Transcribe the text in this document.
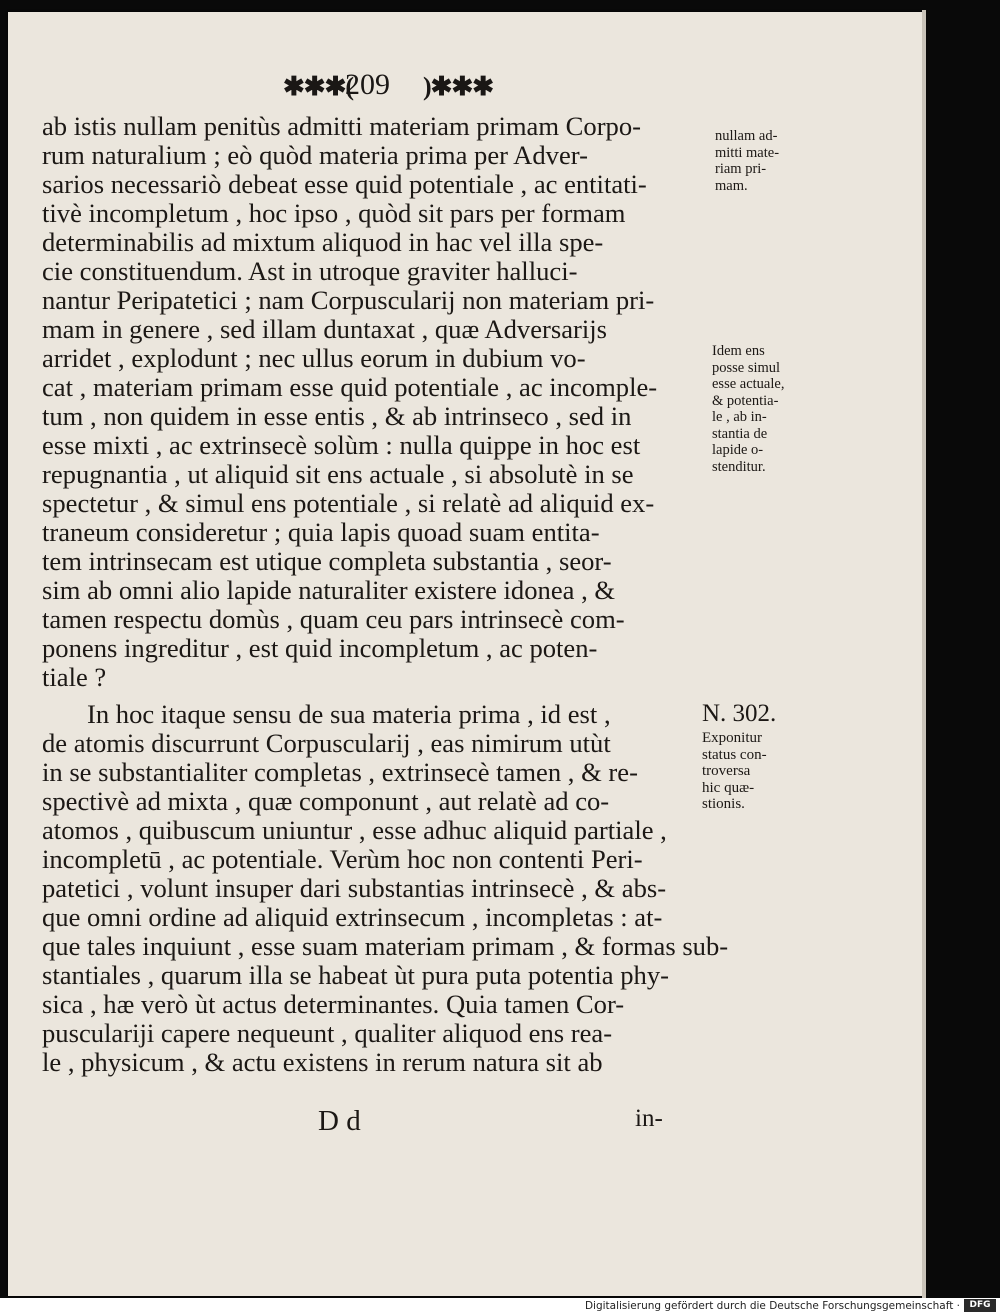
✱✱✱(
209 )✱✱✱

ab istis nullam penitùs admitti materiam primam Corpo-
rum naturalium ; eò quòd materia prima per Adver-
sarios necessariò debeat esse quid potentiale , ac entitati-
tivè incompletum , hoc ipso , quòd sit pars per formam
determinabilis ad mixtum aliquod in hac vel illa spe-
cie constituendum. Ast in utroque graviter halluci-
nantur Peripatetici ; nam Corpuscularij non materiam pri-
mam in genere , sed illam duntaxat , quæ Adversarijs
arridet , explodunt ; nec ullus eorum in dubium vo-
cat , materiam primam esse quid potentiale , ac incomple-
tum , non quidem in esse entis , & ab intrinseco , sed in
esse mixti , ac extrinsecè solùm : nulla quippe in hoc est
repugnantia , ut aliquid sit ens actuale , si absolutè in se
spectetur , & simul ens potentiale , si relatè ad aliquid ex-
traneum consideretur ; quia lapis quoad suam entita-
tem intrinsecam est utique completa substantia , seor-
sim ab omni alio lapide naturaliter existere idonea , &
tamen respectu domùs , quam ceu pars intrinsecè com-
ponens ingreditur , est quid incompletum , ac poten-
tiale ?

In hoc itaque sensu de sua materia prima , id est ,
de atomis discurrunt Corpuscularij , eas nimirum utùt
in se substantialiter completas , extrinsecè tamen , & re-
spectivè ad mixta , quæ componunt , aut relatè ad co-
atomos , quibuscum uniuntur , esse adhuc aliquid partiale ,
incompletū , ac potentiale. Verùm hoc non contenti Peri-
patetici , volunt insuper dari substantias intrinsecè , & abs-
que omni ordine ad aliquid extrinsecum , incompletas : at-
que tales inquiunt , esse suam materiam primam , & formas sub-
stantiales , quarum illa se habeat ùt pura puta potentia phy-
sica , hæ verò ùt actus determinantes. Quia tamen Cor-
pusculariji capere nequeunt , qualiter aliquod ens rea-
le , physicum , & actu existens in rerum natura sit ab

nullam ad-
mitti mate-
riam pri-
mam.
Idem ens
posse simul
esse actuale,
& potentia-
le , ab in-
stantia de
lapide o-
stenditur.
N. 302.
Exponitur
status con-
troversa
hic quæ-
stionis.
D d	in-
Digitalisierung gefördert durch die Deutsche Forschungsgemeinschaft ·	DFG
